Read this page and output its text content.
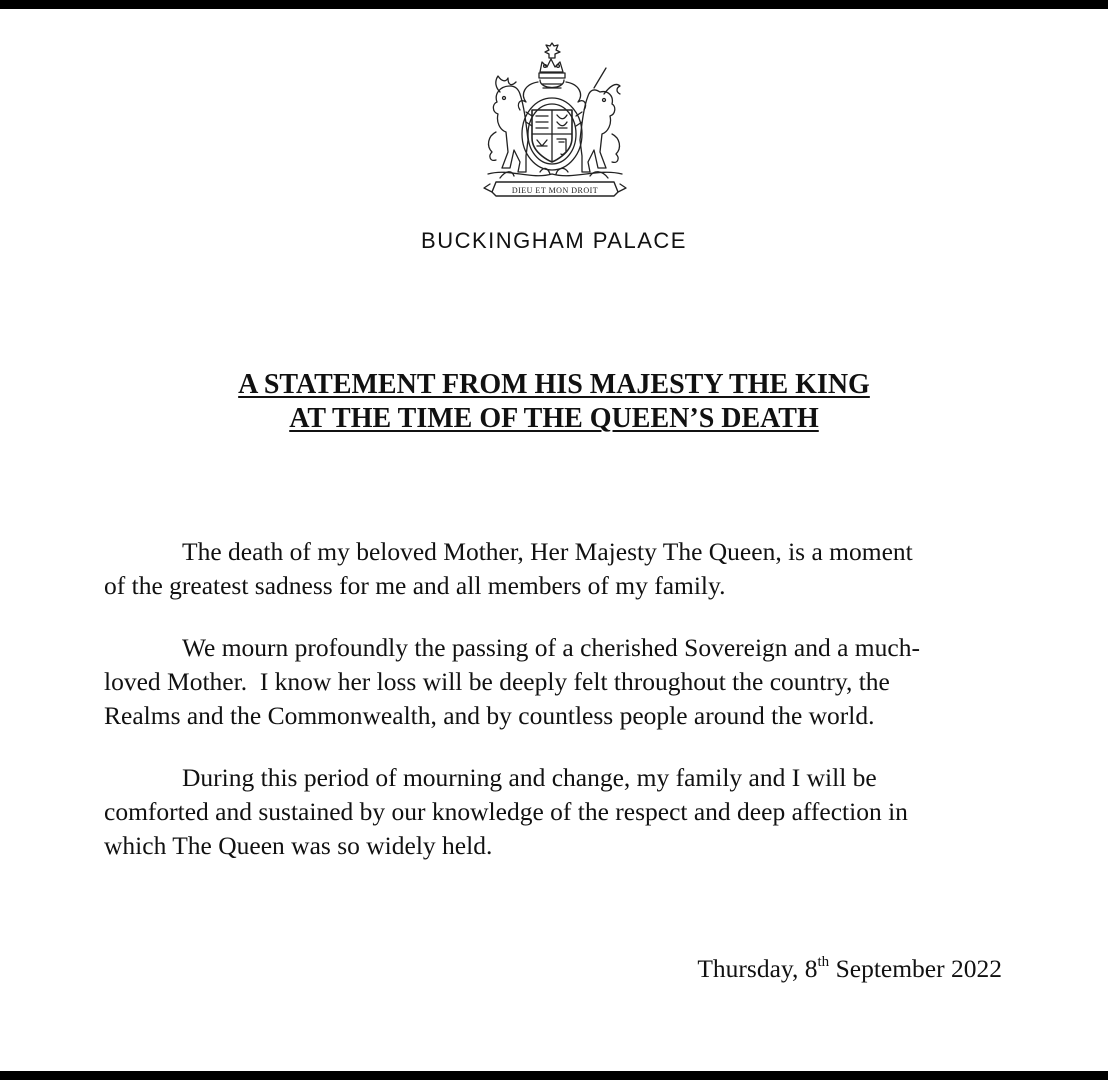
DIEU ET MON DROIT
BUCKINGHAM PALACE
A STATEMENT FROM HIS MAJESTY THE KING
AT THE TIME OF THE QUEEN’S DEATH
The death of my beloved Mother, Her Majesty The Queen, is a moment
of the greatest sadness for me and all members of my family.
We mourn profoundly the passing of a cherished Sovereign and a much-
loved Mother.  I know her loss will be deeply felt throughout the country, the
Realms and the Commonwealth, and by countless people around the world.
During this period of mourning and change, my family and I will be
comforted and sustained by our knowledge of the respect and deep affection in
which The Queen was so widely held.
Thursday, 8th September 2022
